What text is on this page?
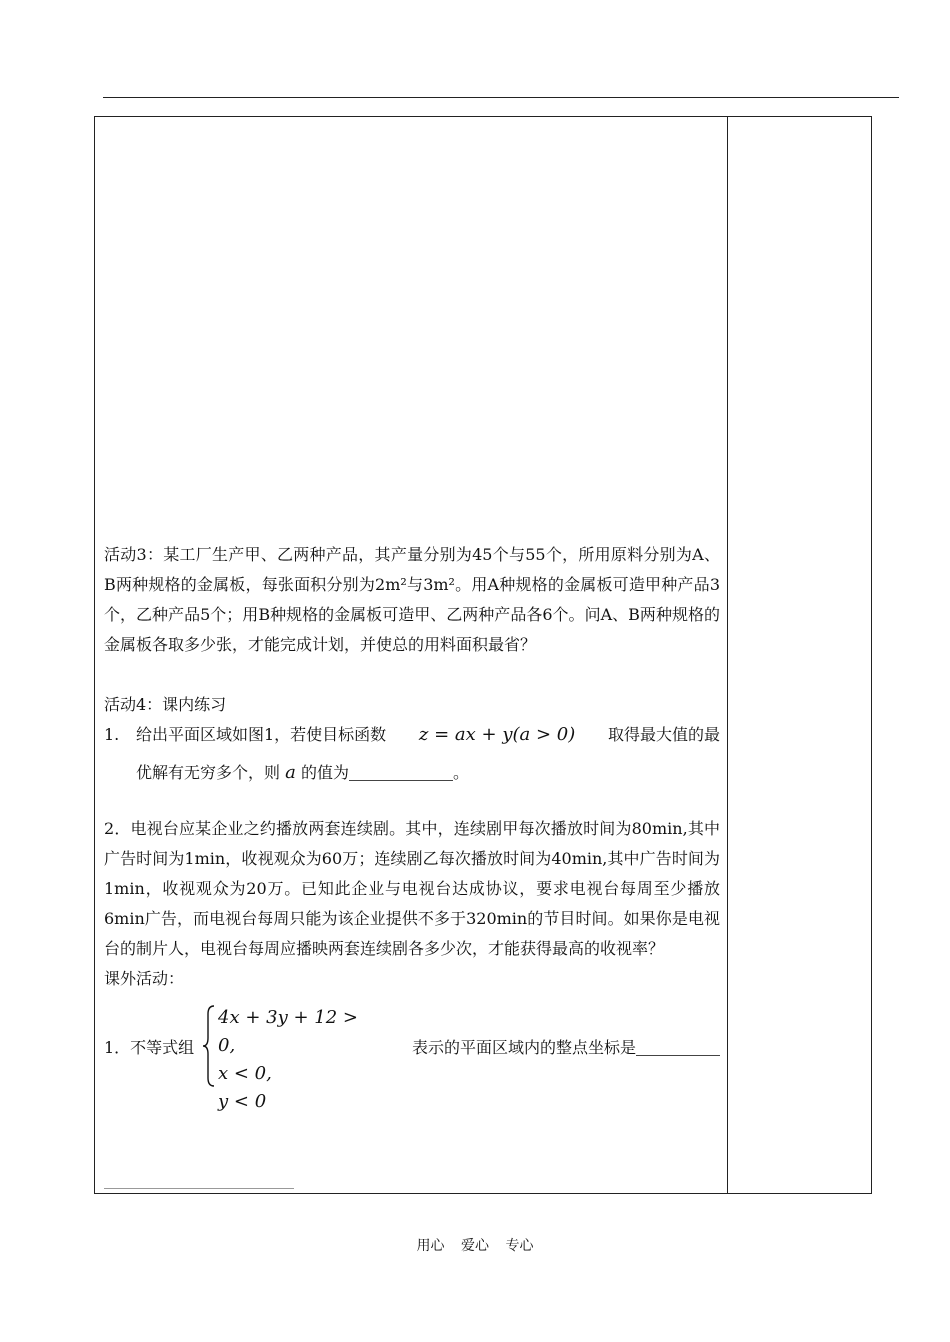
活动3：某工厂生产甲、乙两种产品，其产量分别为45个与55个，所用原料分别为A、B两种规格的金属板，每张面积分别为2m²与3m²。用A种规格的金属板可造甲种产品3个，乙种产品5个；用B种规格的金属板可造甲、乙两种产品各6个。问A、B两种规格的金属板各取多少张，才能完成计划，并使总的用料面积最省？

活动4：课内练习

1.	给出平面区域如图1，若使目标函数 z = ax + y(a > 0) 取得最大值的最
优解有无穷多个，则 a 的值为	。

2．电视台应某企业之约播放两套连续剧。其中，连续剧甲每次播放时间为80min,其中广告时间为1min，收视观众为60万；连续剧乙每次播放时间为40min,其中广告时间为1min，收视观众为20万。已知此企业与电视台达成协议，要求电视台每周至少播放6min广告，而电视台每周只能为该企业提供不多于320min的节目时间。如果你是电视台的制片人，电视台每周应播映两套连续剧各多少次，才能获得最高的收视率？

课外活动：

1．不等式组
4x + 3y + 12 > 0,
x < 0,
y < 0
表示的平面区域内的整点坐标是
用心 爱心 专心
